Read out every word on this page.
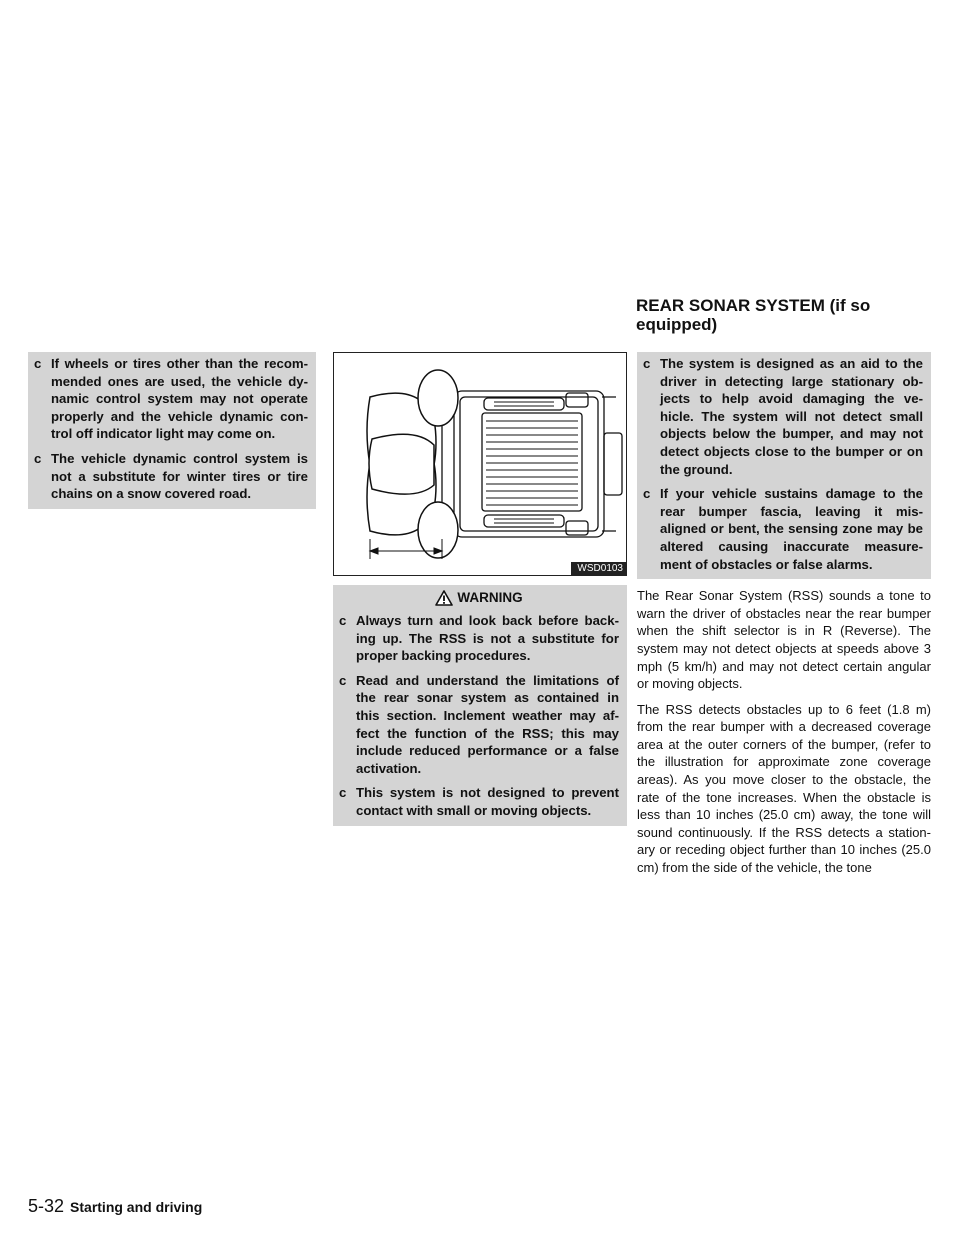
REAR SONAR SYSTEM (if so equipped)
c If wheels or tires other than the recom- mended ones are used, the vehicle dy- namic control system may not operate properly and the vehicle dynamic con- trol off indicator light may come on.
c The vehicle dynamic control system is not a substitute for winter tires or tire chains on a snow covered road.
WSD0103
WARNING
c Always turn and look back before back- ing up. The RSS is not a substitute for proper backing procedures.
c Read and understand the limitations of the rear sonar system as contained in this section. Inclement weather may af- fect the function of the RSS; this may include reduced performance or a false activation.
c This system is not designed to prevent contact with small or moving objects.
c The system is designed as an aid to the driver in detecting large stationary ob- jects to help avoid damaging the ve- hicle. The system will not detect small objects below the bumper, and may not detect objects close to the bumper or on the ground.
c If your vehicle sustains damage to the rear bumper fascia, leaving it mis- aligned or bent, the sensing zone may be altered causing inaccurate measure- ment of obstacles or false alarms.

The Rear Sonar System (RSS) sounds a tone to warn the driver of obstacles near the rear bumper when the shift selector is in R (Reverse). The system may not detect objects at speeds above 3 mph (5 km/h) and may not detect certain angular or moving objects.

The RSS detects obstacles up to 6 feet (1.8 m) from the rear bumper with a decreased coverage area at the outer corners of the bumper, (refer to the illustration for approximate zone coverage areas). As you move closer to the obstacle, the rate of the tone increases. When the obstacle is less than 10 inches (25.0 cm) away, the tone will sound continuously. If the RSS detects a station- ary or receding object further than 10 inches (25.0 cm) from the side of the vehicle, the tone

5-32 Starting and driving
